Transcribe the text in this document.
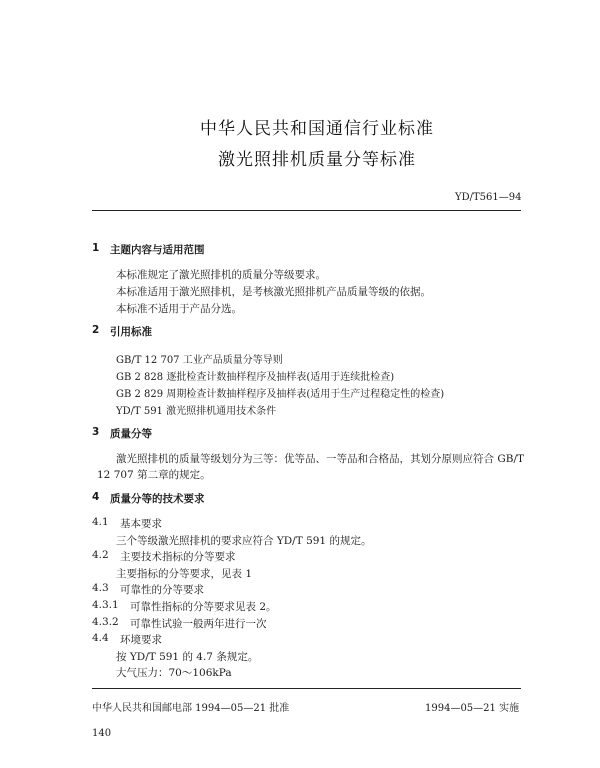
中华人民共和国通信行业标准
激光照排机质量分等标准
YD/T561—94
1 主题内容与适用范围
本标准规定了激光照排机的质量分等级要求。
本标准适用于激光照排机，是考核激光照排机产品质量等级的依据。
本标准不适用于产品分选。
2 引用标准
GB/T 12 707 工业产品质量分等导则
GB 2 828 逐批检查计数抽样程序及抽样表(适用于连续批检查)
GB 2 829 周期检查计数抽样程序及抽样表(适用于生产过程稳定性的检查)
YD/T 591 激光照排机通用技术条件
3 质量分等
激光照排机的质量等级划分为三等：优等品、一等品和合格品，其划分原则应符合 GB/T
12 707 第二章的规定。
4 质量分等的技术要求
4.1 基本要求
三个等级激光照排机的要求应符合 YD/T 591 的规定。
4.2 主要技术指标的分等要求
主要指标的分等要求，见表 1
4.3 可靠性的分等要求
4.3.1 可靠性指标的分等要求见表 2。
4.3.2 可靠性试验一般两年进行一次
4.4 环境要求
按 YD/T 591 的 4.7 条规定。
大气压力：70～106kPa
中华人民共和国邮电部 1994—05—21 批准	1994—05—21 实施
140
